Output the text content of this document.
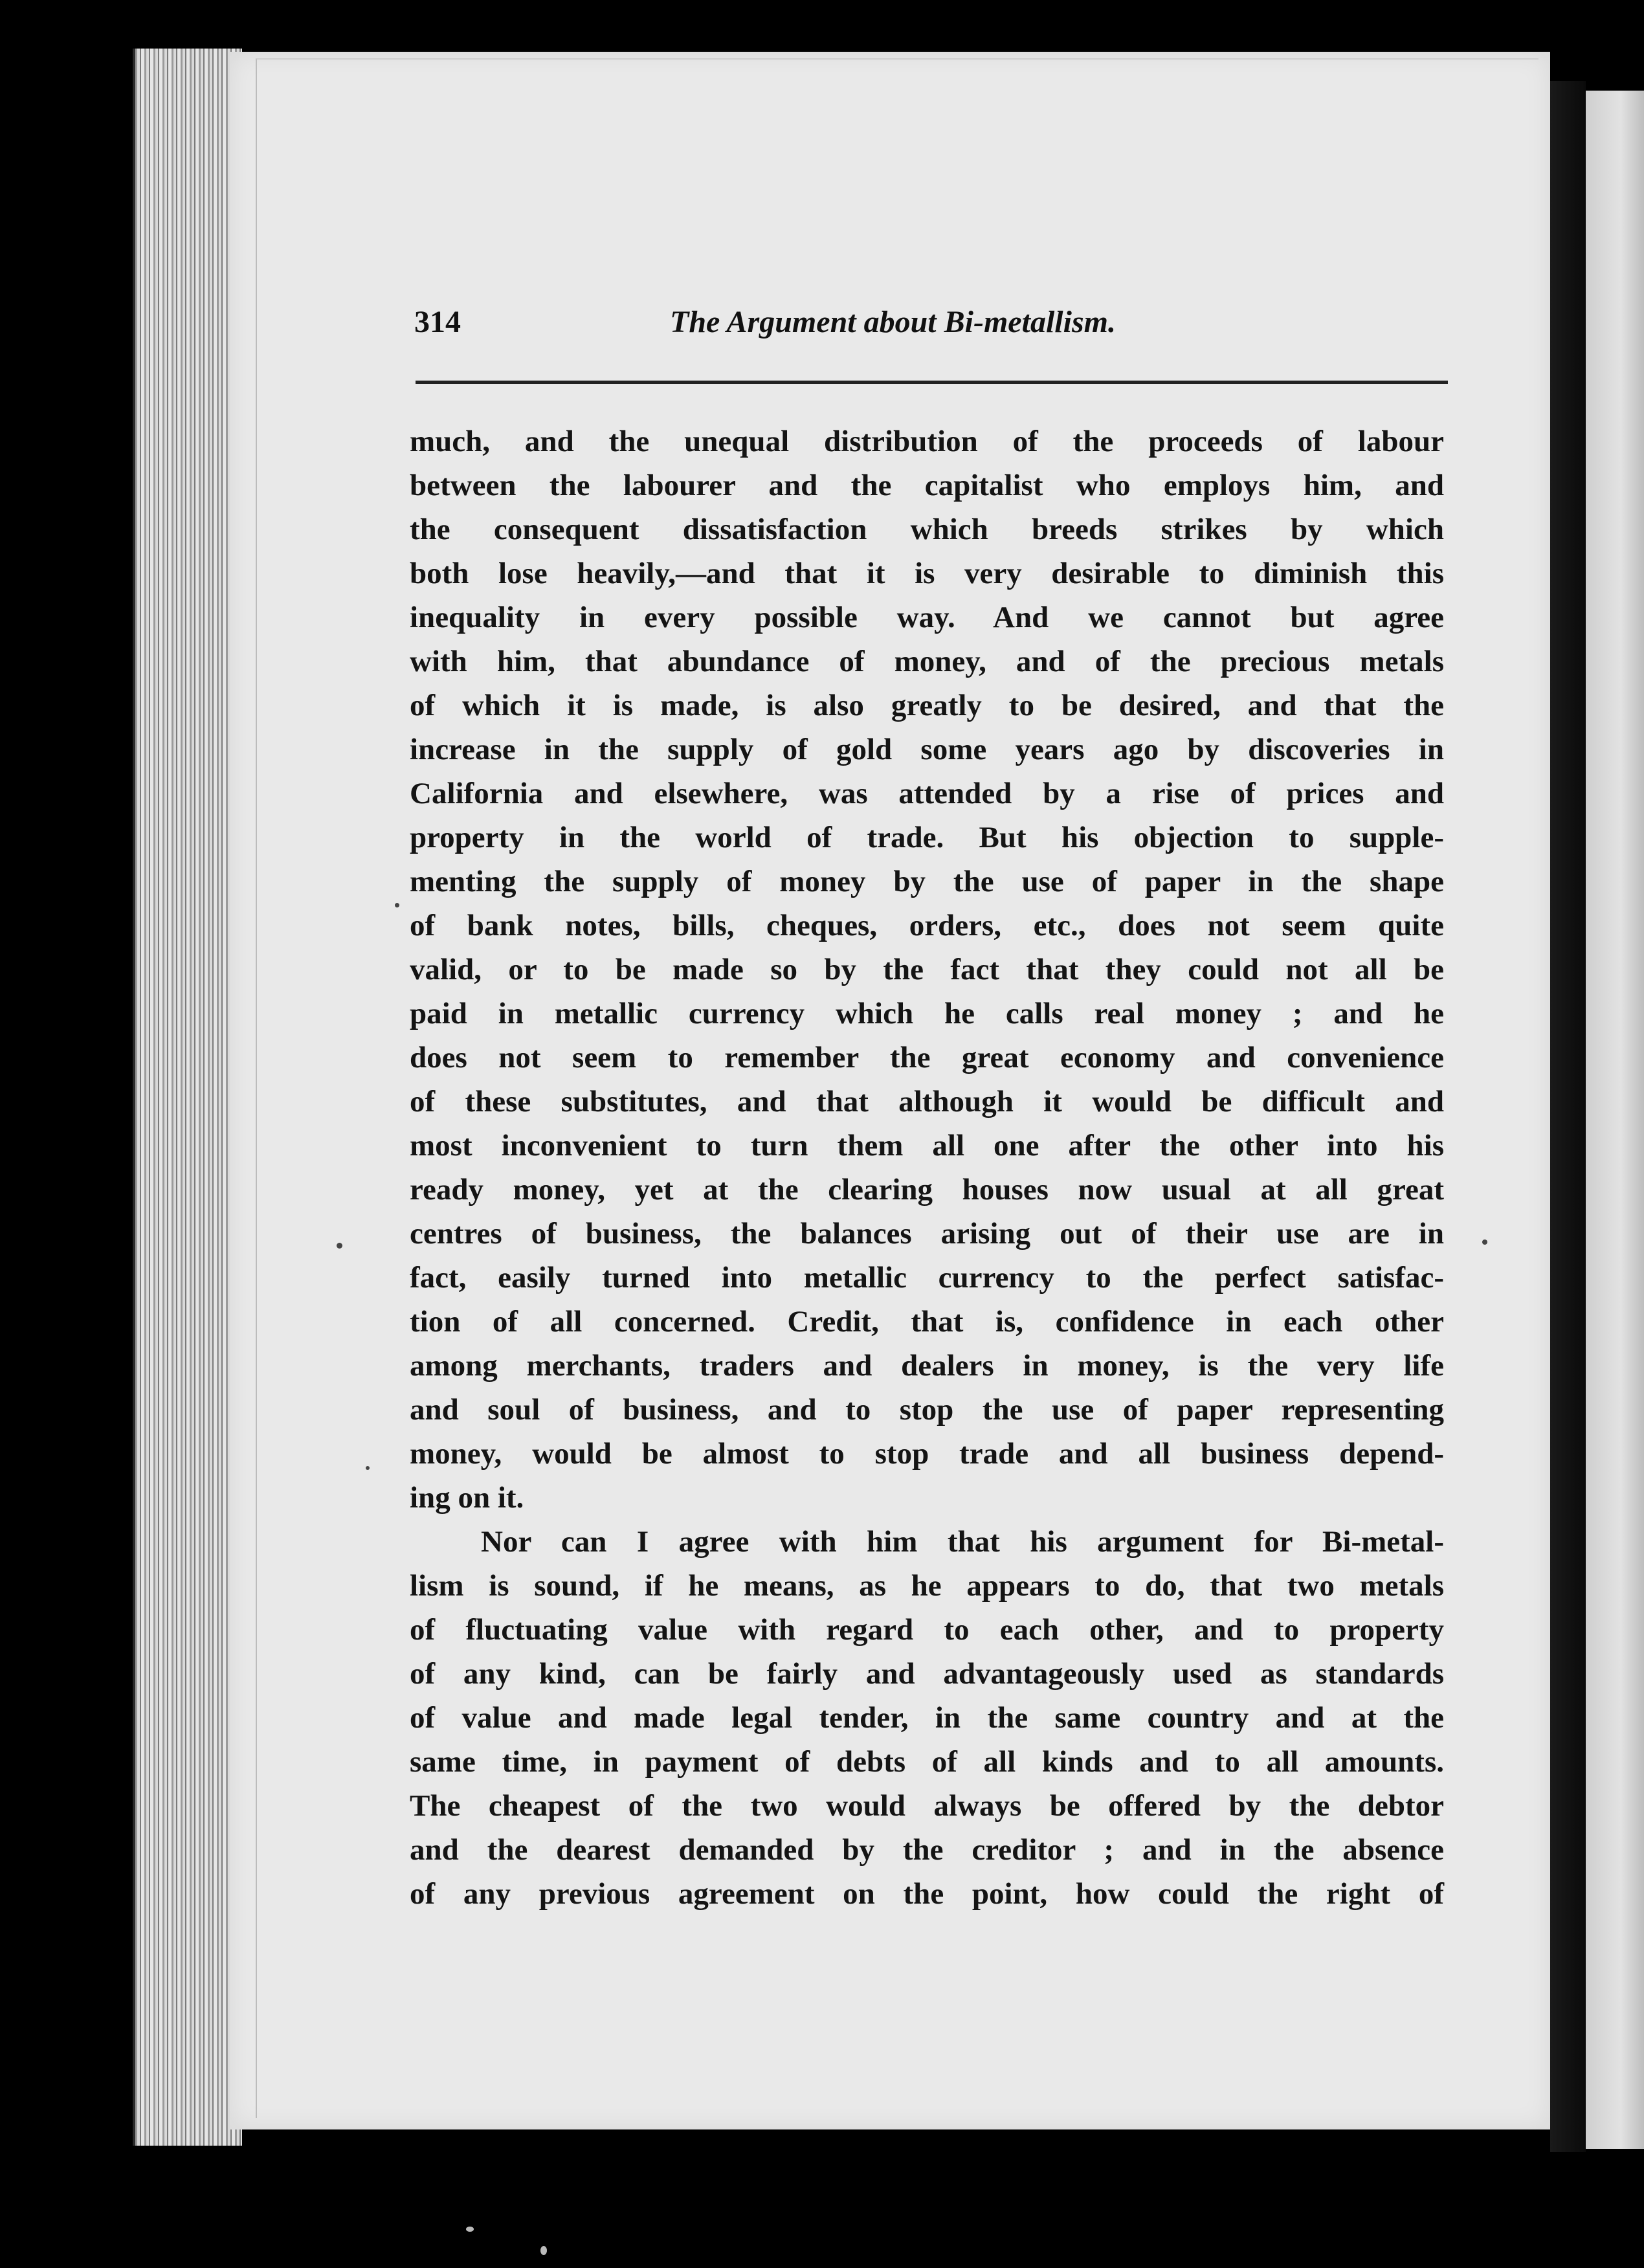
314	The Argument about Bi-metallism.
much, and the unequal distribution of the proceeds of labour
between the labourer and the capitalist who employs him, and
the consequent dissatisfaction which breeds strikes by which
both lose heavily,—and that it is very desirable to diminish this
inequality in every possible way. And we cannot but agree
with him, that abundance of money, and of the precious metals
of which it is made, is also greatly to be desired, and that the
increase in the supply of gold some years ago by discoveries in
California and elsewhere, was attended by a rise of prices and
property in the world of trade. But his objection to supple-
menting the supply of money by the use of paper in the shape
of bank notes, bills, cheques, orders, etc., does not seem quite
valid, or to be made so by the fact that they could not all be
paid in metallic currency which he calls real money ; and he
does not seem to remember the great economy and convenience
of these substitutes, and that although it would be difficult and
most inconvenient to turn them all one after the other into his
ready money, yet at the clearing houses now usual at all great
centres of business, the balances arising out of their use are in
fact, easily turned into metallic currency to the perfect satisfac-
tion of all concerned. Credit, that is, confidence in each other
among merchants, traders and dealers in money, is the very life
and soul of business, and to stop the use of paper representing
money, would be almost to stop trade and all business depend-
ing on it.
Nor can I agree with him that his argument for Bi-metal-
lism is sound, if he means, as he appears to do, that two metals
of fluctuating value with regard to each other, and to property
of any kind, can be fairly and advantageously used as standards
of value and made legal tender, in the same country and at the
same time, in payment of debts of all kinds and to all amounts.
The cheapest of the two would always be offered by the debtor
and the dearest demanded by the creditor ; and in the absence
of any previous agreement on the point, how could the right of
